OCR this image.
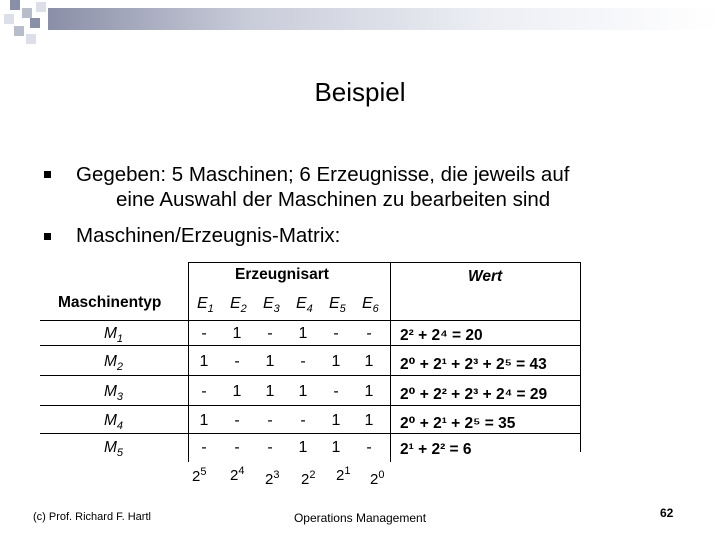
Beispiel
Gegeben: 5 Maschinen; 6 Erzeugnisse, die jeweils auf
eine Auswahl der Maschinen zu bearbeiten sind
Maschinen/Erzeugnis-Matrix:
Erzeugnisart	Wert
Maschinentyp $E_1$ $E_2$ $E_3$ $E_4$ $E_5$ $E_6$
$M_1$	-	1	-	1	-	-	2² + 2⁴ = 20
$M_2$	1	-	1	-	1	1	2⁰ + 2¹ + 2³ + 2⁵ = 43
$M_3$	-	1	1	1	-	1	2⁰ + 2² + 2³ + 2⁴ = 29
$M_4$	1	-	-	-	1	1	2⁰ + 2¹ + 2⁵ = 35
$M_5$	-	-	-	1	1	-	2¹ + 2² = 6
$2^5$ $2^4$ $2^3$ $2^2$ $2^1$ $2^0$
(c) Prof. Richard F. Hartl	Operations Management	62
